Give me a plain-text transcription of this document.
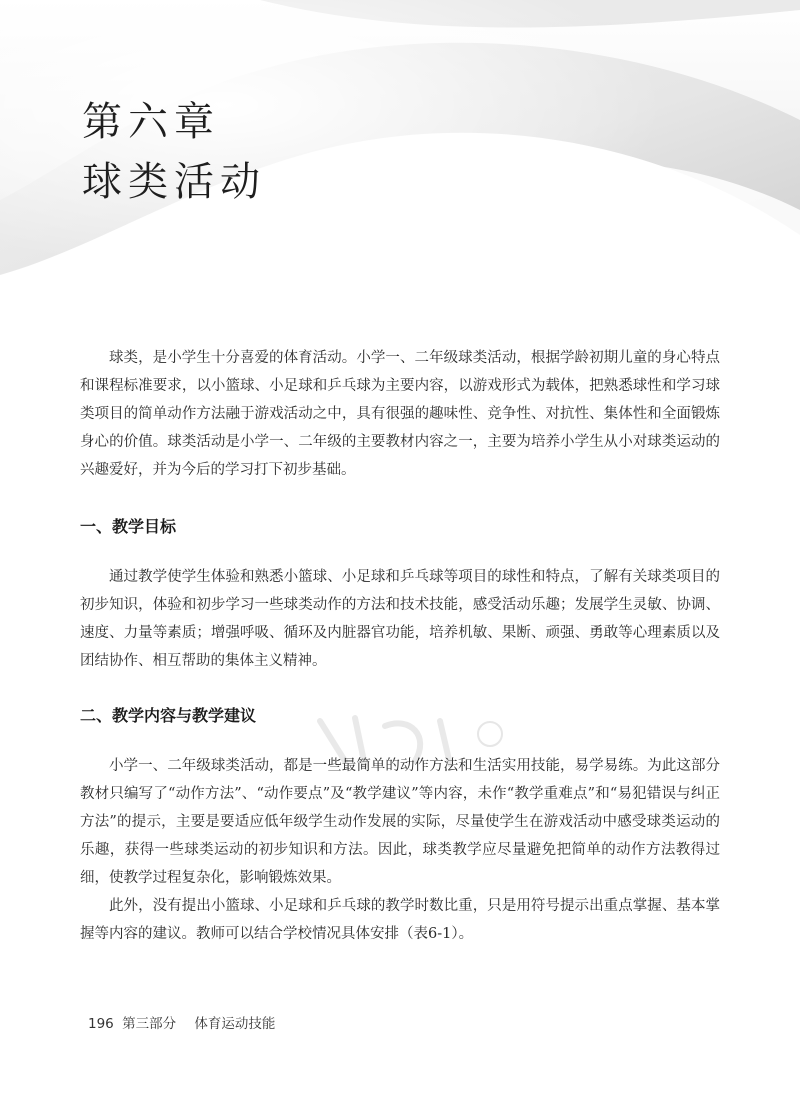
第六章
球类活动

球类，是小学生十分喜爱的体育活动。小学一、二年级球类活动，根据学龄初期儿童的身心特点和课程标准要求，以小篮球、小足球和乒乓球为主要内容，以游戏形式为载体，把熟悉球性和学习球类项目的简单动作方法融于游戏活动之中，具有很强的趣味性、竞争性、对抗性、集体性和全面锻炼身心的价值。球类活动是小学一、二年级的主要教材内容之一，主要为培养小学生从小对球类运动的兴趣爱好，并为今后的学习打下初步基础。

一、教学目标

通过教学使学生体验和熟悉小篮球、小足球和乒乓球等项目的球性和特点，了解有关球类项目的初步知识，体验和初步学习一些球类动作的方法和技术技能，感受活动乐趣；发展学生灵敏、协调、速度、力量等素质；增强呼吸、循环及内脏器官功能，培养机敏、果断、顽强、勇敢等心理素质以及团结协作、相互帮助的集体主义精神。

二、教学内容与教学建议

小学一、二年级球类活动，都是一些最简单的动作方法和生活实用技能，易学易练。为此这部分教材只编写了“动作方法”、“动作要点”及“教学建议”等内容，未作“教学重难点”和“易犯错误与纠正方法”的提示，主要是要适应低年级学生动作发展的实际，尽量使学生在游戏活动中感受球类运动的乐趣，获得一些球类运动的初步知识和方法。因此，球类教学应尽量避免把简单的动作方法教得过细，使教学过程复杂化，影响锻炼效果。

此外，没有提出小篮球、小足球和乒乓球的教学时数比重，只是用符号提示出重点掌握、基本掌握等内容的建议。教师可以结合学校情况具体安排（表6-1）。

196 第三部分 体育运动技能
